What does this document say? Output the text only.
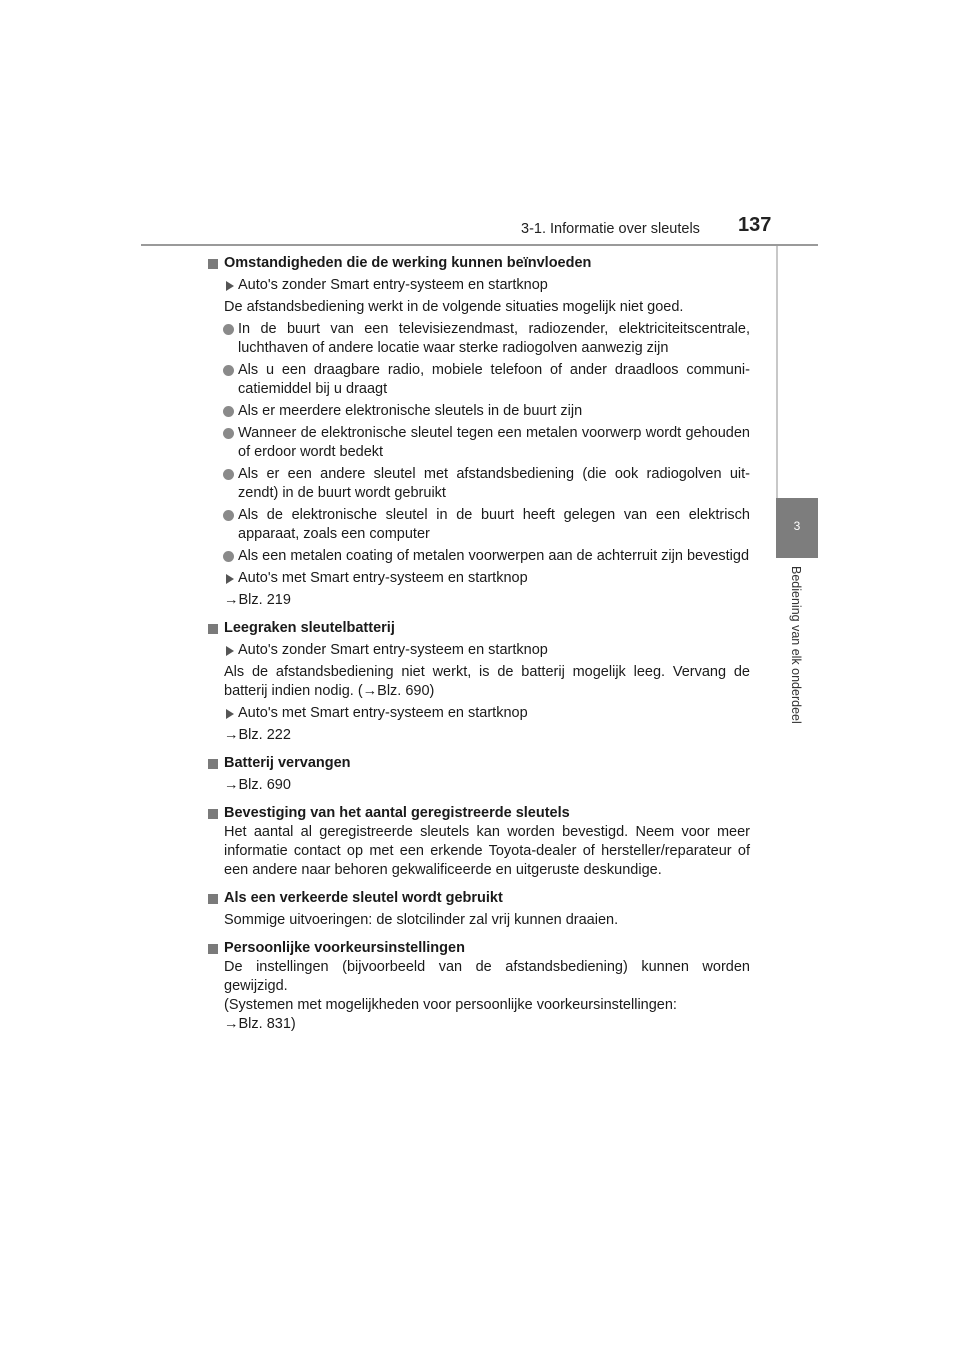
3-1. Informatie over sleutels 137
3
Bediening van elk onderdeel
Omstandigheden die de werking kunnen beïnvloeden
Auto's zonder Smart entry-systeem en startknop
De afstandsbediening werkt in de volgende situaties mogelijk niet goed.
In de buurt van een televisiezendmast, radiozender, elektriciteitscentrale, luchthaven of andere locatie waar sterke radiogolven aanwezig zijn
Als u een draagbare radio, mobiele telefoon of ander draadloos communi- catiemiddel bij u draagt
Als er meerdere elektronische sleutels in de buurt zijn
Wanneer de elektronische sleutel tegen een metalen voorwerp wordt gehouden of erdoor wordt bedekt
Als er een andere sleutel met afstandsbediening (die ook radiogolven uit- zendt) in de buurt wordt gebruikt
Als de elektronische sleutel in de buurt heeft gelegen van een elektrisch apparaat, zoals een computer
Als een metalen coating of metalen voorwerpen aan de achterruit zijn bevestigd
Auto's met Smart entry-systeem en startknop
→Blz. 219
Leegraken sleutelbatterij
Auto's zonder Smart entry-systeem en startknop
Als de afstandsbediening niet werkt, is de batterij mogelijk leeg. Vervang de batterij indien nodig. (→Blz. 690)
Auto's met Smart entry-systeem en startknop
→Blz. 222
Batterij vervangen
→Blz. 690
Bevestiging van het aantal geregistreerde sleutels
Het aantal al geregistreerde sleutels kan worden bevestigd. Neem voor meer informatie contact op met een erkende Toyota-dealer of hersteller/reparateur of een andere naar behoren gekwalificeerde en uitgeruste deskundige.
Als een verkeerde sleutel wordt gebruikt
Sommige uitvoeringen: de slotcilinder zal vrij kunnen draaien.
Persoonlijke voorkeursinstellingen
De instellingen (bijvoorbeeld van de afstandsbediening) kunnen worden gewijzigd.
(Systemen met mogelijkheden voor persoonlijke voorkeursinstellingen:
→Blz. 831)
